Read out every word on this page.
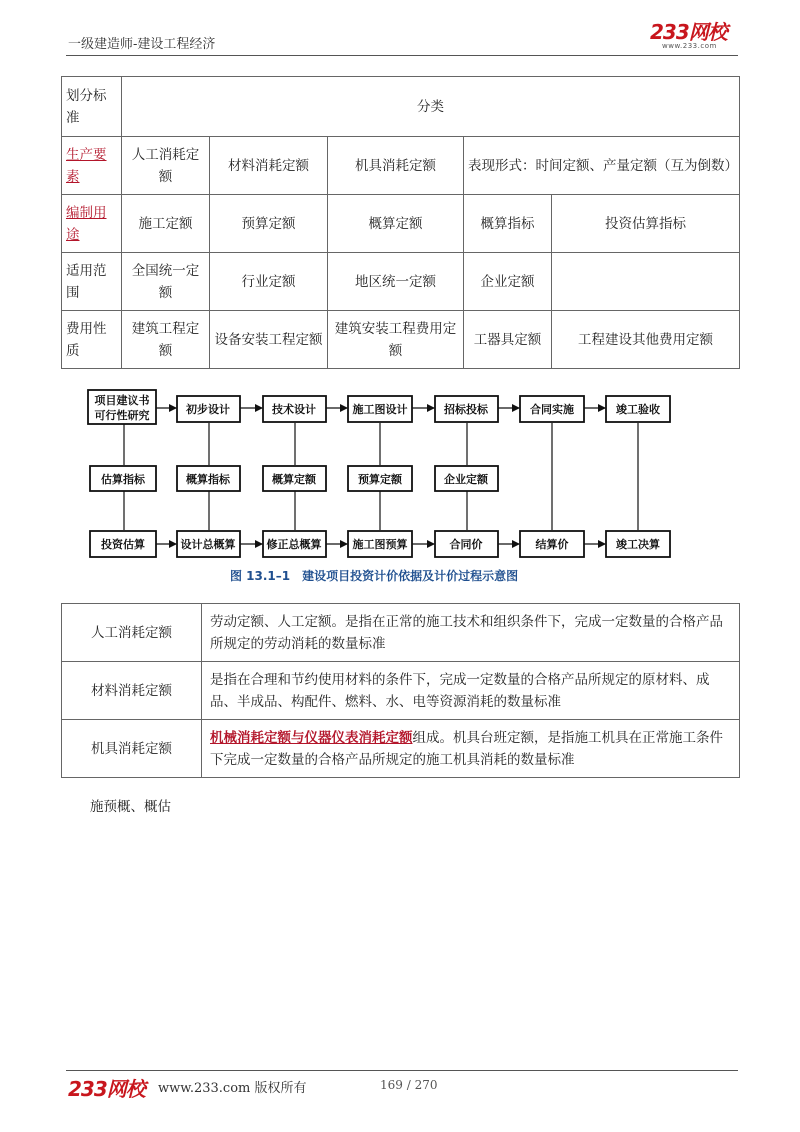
一级建造师-建设工程经济
233网校
www.233.com
划分标准	分类				
生产要素	人工消耗定额	材料消耗定额	机具消耗定额	表现形式：时间定额、产量定额（互为倒数）	
编制用途	施工定额	预算定额	概算定额	概算指标	投资估算指标
适用范围	全国统一定额	行业定额	地区统一定额	企业定额	
费用性质	建筑工程定额	设备安装工程定额	建筑安装工程费用定额	工器具定额	工程建设其他费用定额
项目建议书
可行性研究	初步设计	技术设计	施工图设计	招标投标	合同实施	竣工验收
估算指标	概算指标	概算定额	预算定额	企业定额
投资估算	设计总概算	修正总概算	施工图预算	合同价	结算价	竣工决算
图 13.1–1　建设项目投资计价依据及计价过程示意图
人工消耗定额	劳动定额、人工定额。是指在正常的施工技术和组织条件下，完成一定数量的合格产品所规定的劳动消耗的数量标准
材料消耗定额	是指在合理和节约使用材料的条件下，完成一定数量的合格产品所规定的原材料、成品、半成品、构配件、燃料、水、电等资源消耗的数量标准
机具消耗定额	机械消耗定额与仪器仪表消耗定额组成。机具台班定额，是指施工机具在正常施工条件下完成一定数量的合格产品所规定的施工机具消耗的数量标准
施预概、概估
233网校 www.233.com 版权所有	169 / 270
